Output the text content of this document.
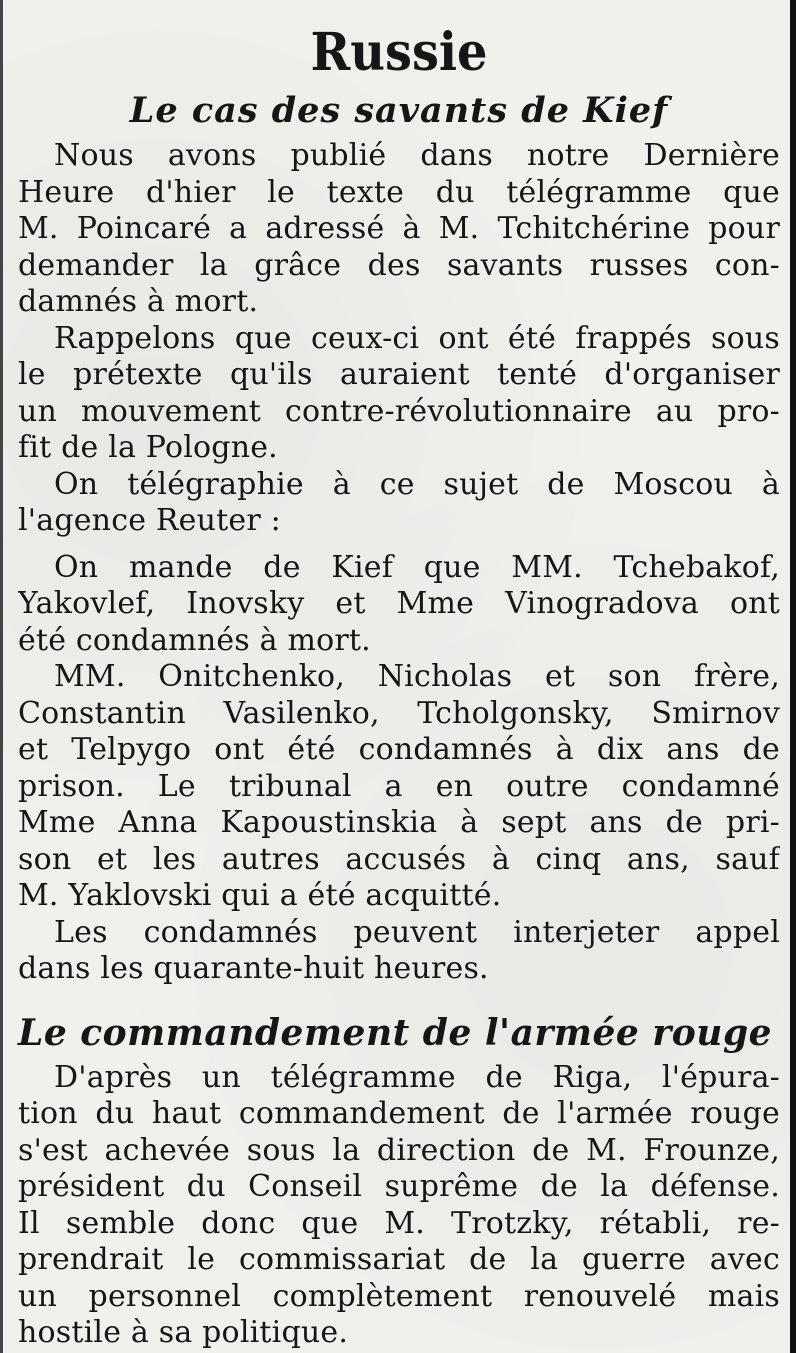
Russie
Le cas des savants de Kief

Nous avons publié dans notre Dernière
Heure d'hier le texte du télégramme que
M. Poincaré a adressé à M. Tchitchérine pour
demander la grâce des savants russes con-
damnés à mort.

Rappelons que ceux-ci ont été frappés sous
le prétexte qu'ils auraient tenté d'organiser
un mouvement contre-révolutionnaire au pro-
fit de la Pologne.

On télégraphie à ce sujet de Moscou à
l'agence Reuter :

On mande de Kief que MM. Tchebakof,
Yakovlef, Inovsky et Mme Vinogradova ont
été condamnés à mort.

MM. Onitchenko, Nicholas et son frère,
Constantin Vasilenko, Tcholgonsky, Smirnov
et Telpygo ont été condamnés à dix ans de
prison. Le tribunal a en outre condamné
Mme Anna Kapoustinskia à sept ans de pri-
son et les autres accusés à cinq ans, sauf
M. Yaklovski qui a été acquitté.

Les condamnés peuvent interjeter appel
dans les quarante-huit heures.

Le commandement de l'armée rouge

D'après un télégramme de Riga, l'épura-
tion du haut commandement de l'armée rouge
s'est achevée sous la direction de M. Frounze,
président du Conseil suprême de la défense.
Il semble donc que M. Trotzky, rétabli, re-
prendrait le commissariat de la guerre avec
un personnel complètement renouvelé mais
hostile à sa politique.
